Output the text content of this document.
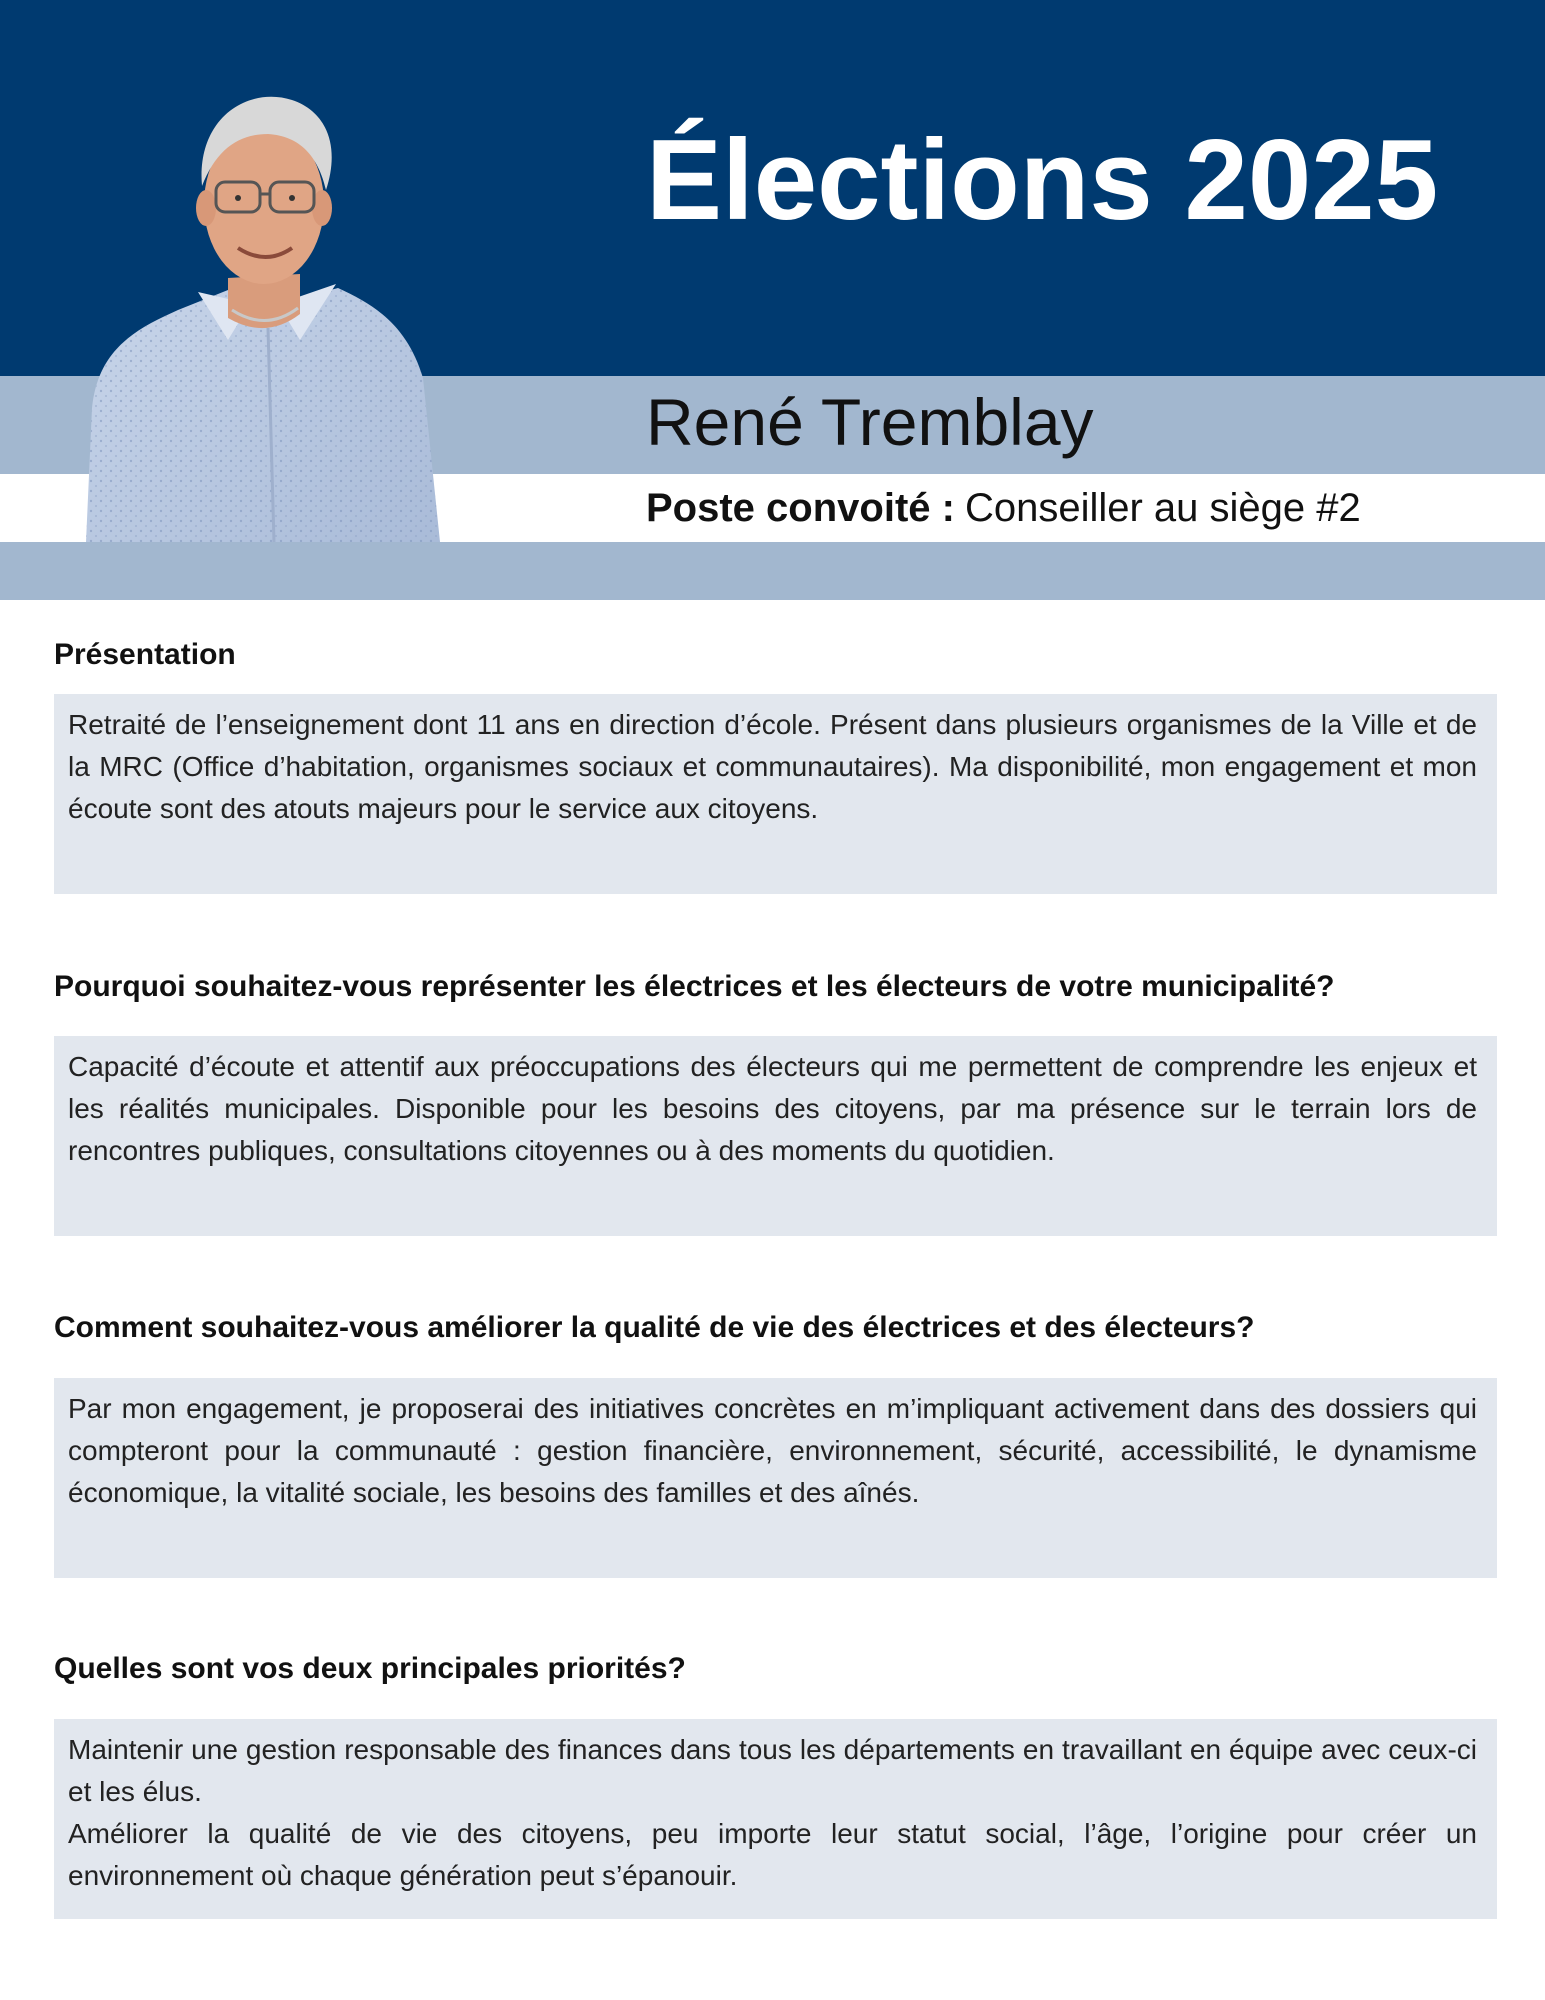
Élections 2025
René Tremblay
Poste convoité : Conseiller au siège #2
Présentation

Retraité de l’enseignement dont 11 ans en direction d’école. Présent dans plusieurs organismes de la Ville et de la MRC (Office d’habitation, organismes sociaux et communautaires). Ma disponibilité, mon engagement et mon écoute sont des atouts majeurs pour le service aux citoyens.

Pourquoi souhaitez-vous représenter les électrices et les électeurs de votre municipalité?

Capacité d’écoute et attentif aux préoccupations des électeurs qui me permettent de comprendre les enjeux et les réalités municipales. Disponible pour les besoins des citoyens, par ma présence sur le terrain lors de rencontres publiques, consultations citoyennes ou à des moments du quotidien.

Comment souhaitez-vous améliorer la qualité de vie des électrices et des électeurs?

Par mon engagement, je proposerai des initiatives concrètes en m’impliquant activement dans des dossiers qui compteront pour la communauté : gestion financière, environnement, sécurité, accessibilité, le dynamisme économique, la vitalité sociale, les besoins des familles et des aînés.

Quelles sont vos deux principales priorités?

Maintenir une gestion responsable des finances dans tous les départements en travaillant en équipe avec ceux-ci et les élus.

Améliorer la qualité de vie des citoyens, peu importe leur statut social, l’âge, l’origine pour créer un environnement où chaque génération peut s’épanouir.
